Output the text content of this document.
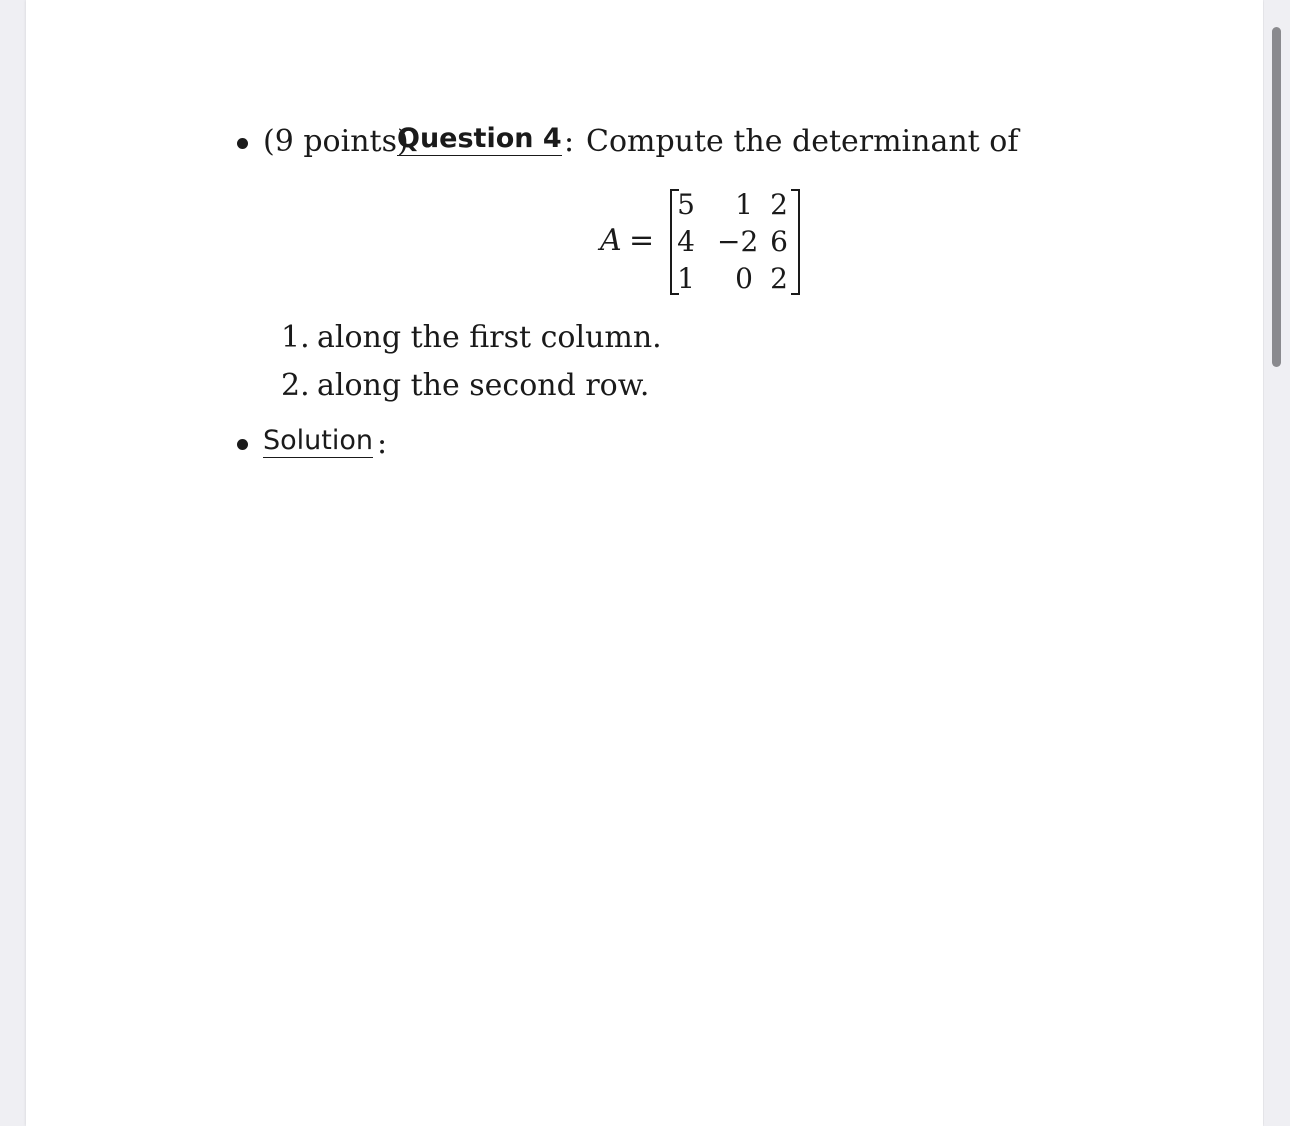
(9 points)
Question 4 : Compute the determinant of
A =
5	1 2
4 −2 6
1	0 2
1. along the first column.
2. along the second row.
Solution :
